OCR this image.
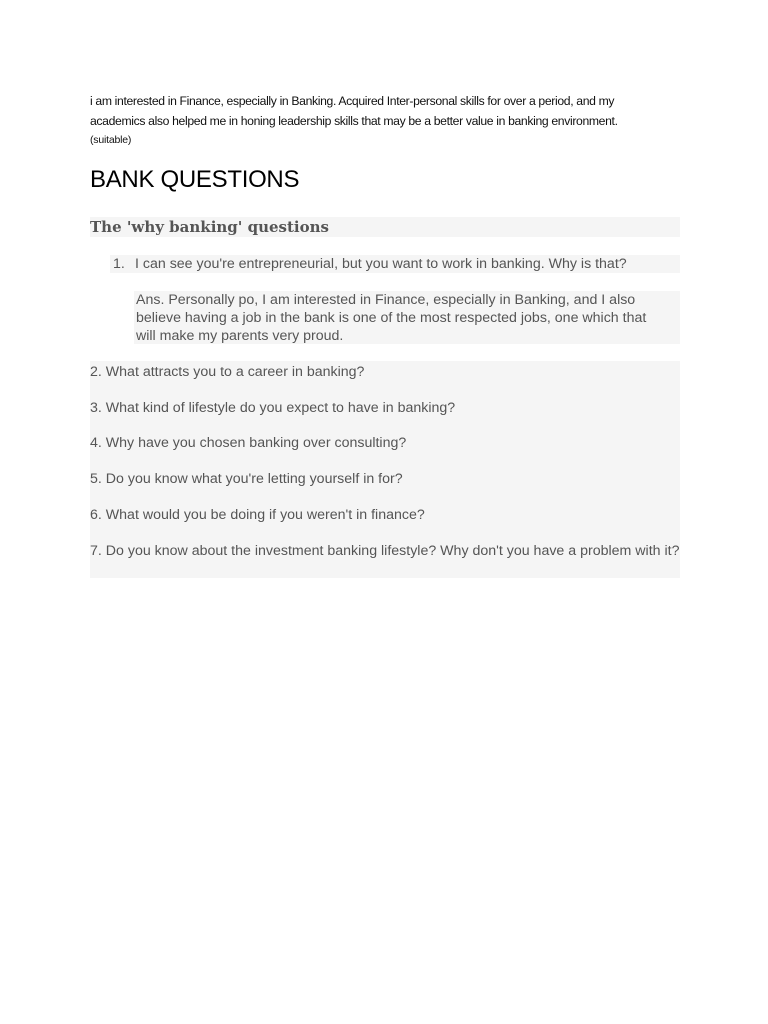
i am interested in Finance, especially in Banking. Acquired Inter-personal skills for over a period, and my
academics also helped me in honing leadership skills that may be a better value in banking environment.
(suitable)
BANK QUESTIONS
The 'why banking' questions
1. I can see you're entrepreneurial, but you want to work in banking. Why is that?
Ans. Personally po, I am interested in Finance, especially in Banking, and I also
believe having a job in the bank is one of the most respected jobs, one which that
will make my parents very proud.
2. What attracts you to a career in banking?
3. What kind of lifestyle do you expect to have in banking?
4. Why have you chosen banking over consulting?
5. Do you know what you're letting yourself in for?
6. What would you be doing if you weren't in finance?
7. Do you know about the investment banking lifestyle? Why don't you have a problem with it?
